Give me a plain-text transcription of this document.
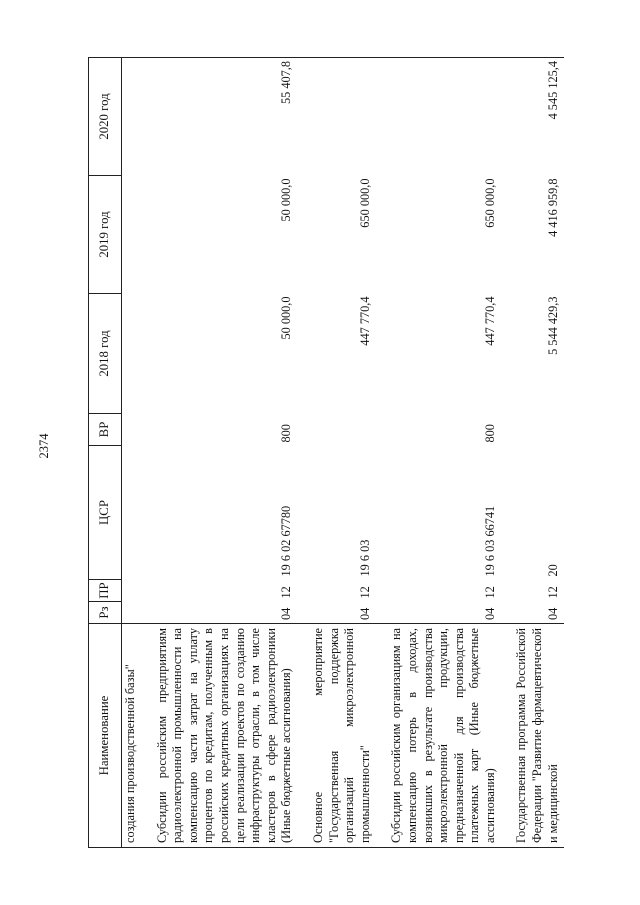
2374
Наименование	Рз	ПР	ЦСР	ВР	2018 год	2019 год	2020 год
создания производственной базы"							

Субсидии российским предприятиям радиоэлектронной промышленности на компенсацию части затрат на уплату процентов по кредитам, полученным в российских кредитных организациях на цели реализации проектов по созданию инфраструктуры отрасли, в том числе кластеров в сфере радиоэлектроники (Иные бюджетные ассигнования)	04	12	19 6 02 67780	800	50 000,0	50 000,0	55 407,8

Основное мероприятие "Государственная поддержка организаций микроэлектронной промышленности"	04	12	19 6 03		447 770,4	650 000,0	

Субсидии российским организациям на компенсацию потерь в доходах, возникших в результате производства микроэлектронной продукции, предназначенной для производства платежных карт (Иные бюджетные ассигнования)	04	12	19 6 03 66741	800	447 770,4	650 000,0	

Государственная программа Российской Федерации "Развитие фармацевтической и медицинской	04	12	20		5 544 429,3	4 416 959,8	4 545 125,4
